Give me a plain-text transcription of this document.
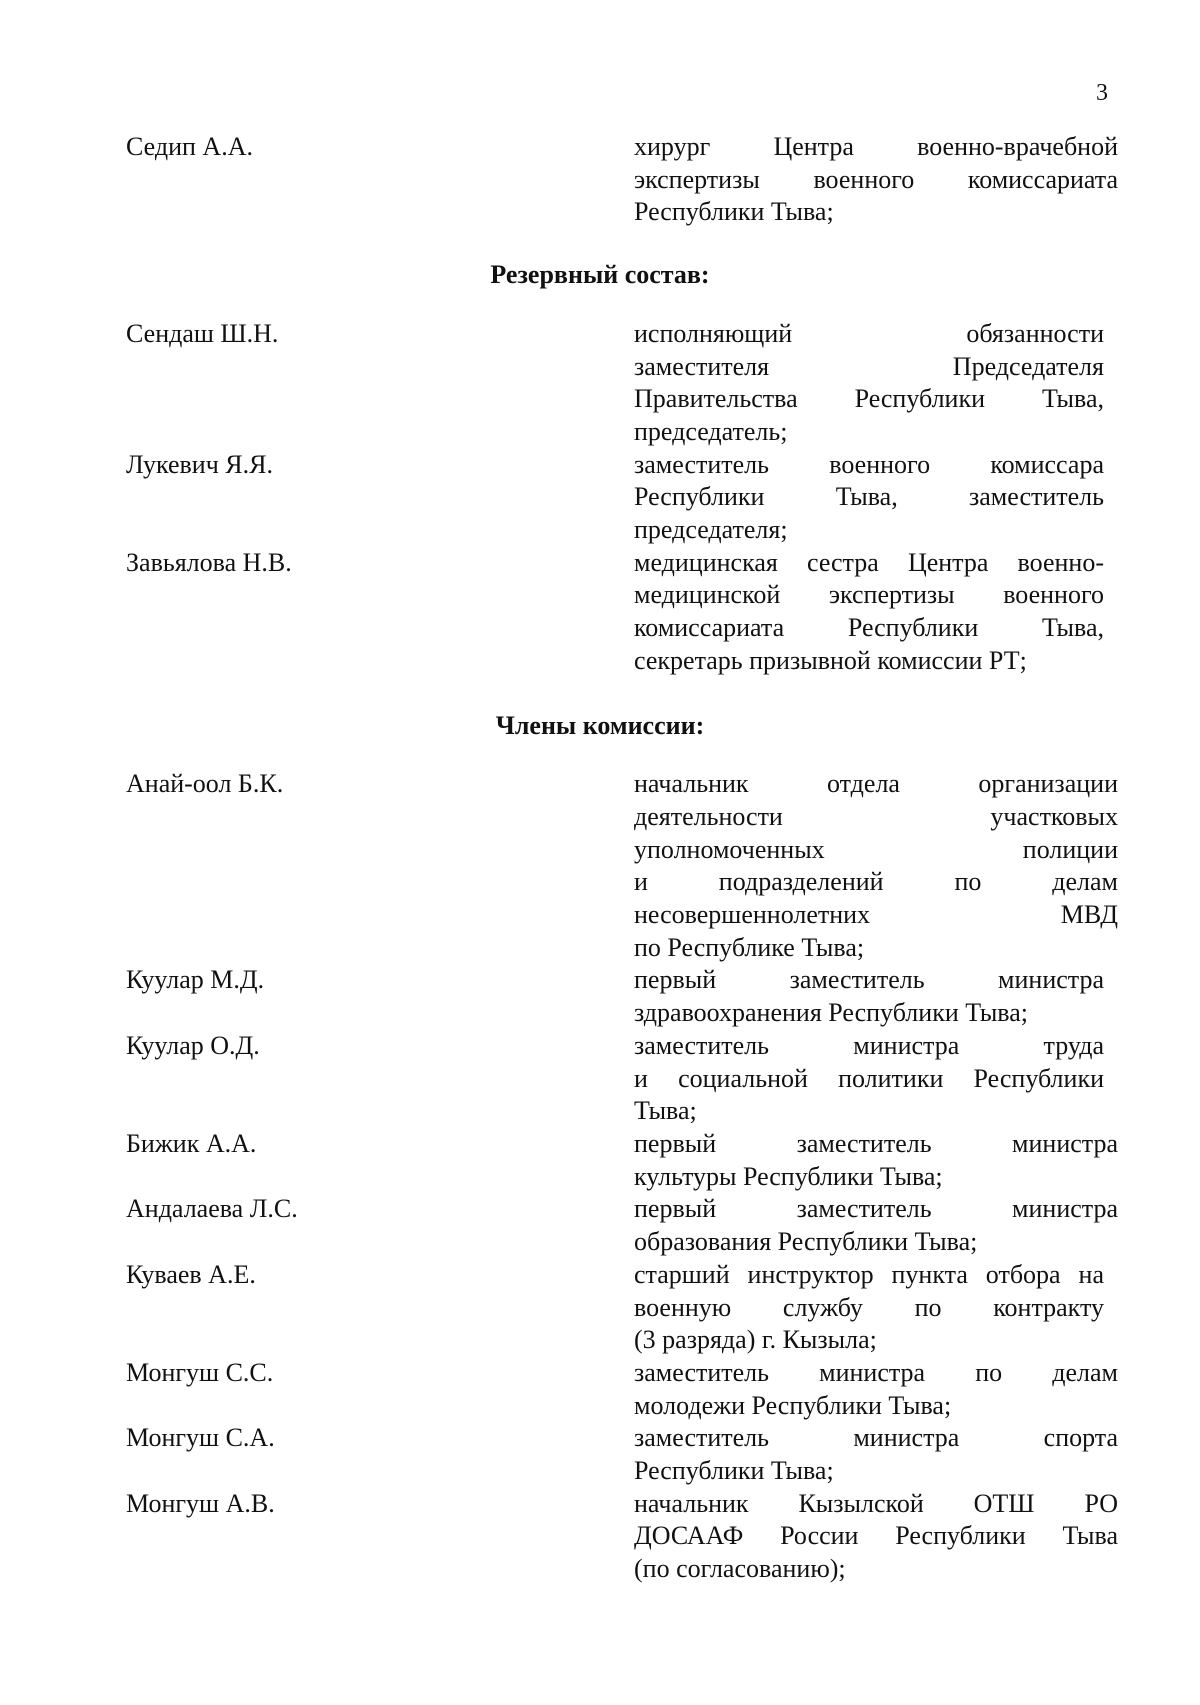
3
Седип А.А.	хирург Центра военно-врачебной
экспертизы военного комиссариата
Республики Тыва;
Резервный состав:
Сендаш Ш.Н.	исполняющий обязанности
заместителя Председателя
Правительства Республики Тыва,
председатель;
Лукевич Я.Я.	заместитель военного комиссара
Республики Тыва, заместитель
председателя;
Завьялова Н.В.	медицинская сестра Центра военно-
медицинской экспертизы военного
комиссариата Республики Тыва,
секретарь призывной комиссии РТ;
Члены комиссии:
Анай-оол Б.К.	начальник отдела организации
деятельности участковых
уполномоченных полиции
и подразделений по делам
несовершеннолетних МВД
по Республике Тыва;
Куулар М.Д.	первый заместитель министра
здравоохранения Республики Тыва;
Куулар О.Д.	заместитель министра труда
и социальной политики Республики
Тыва;
Бижик А.А.	первый заместитель министра
культуры Республики Тыва;
Андалаева Л.С.	первый заместитель министра
образования Республики Тыва;
Куваев А.Е.	старший инструктор пункта отбора на
военную службу по контракту
(3 разряда) г. Кызыла;
Монгуш С.С.	заместитель министра по делам
молодежи Республики Тыва;
Монгуш С.А.	заместитель министра спорта
Республики Тыва;
Монгуш А.В.	начальник Кызылской ОТШ РО
ДОСААФ России Республики Тыва
(по согласованию);
